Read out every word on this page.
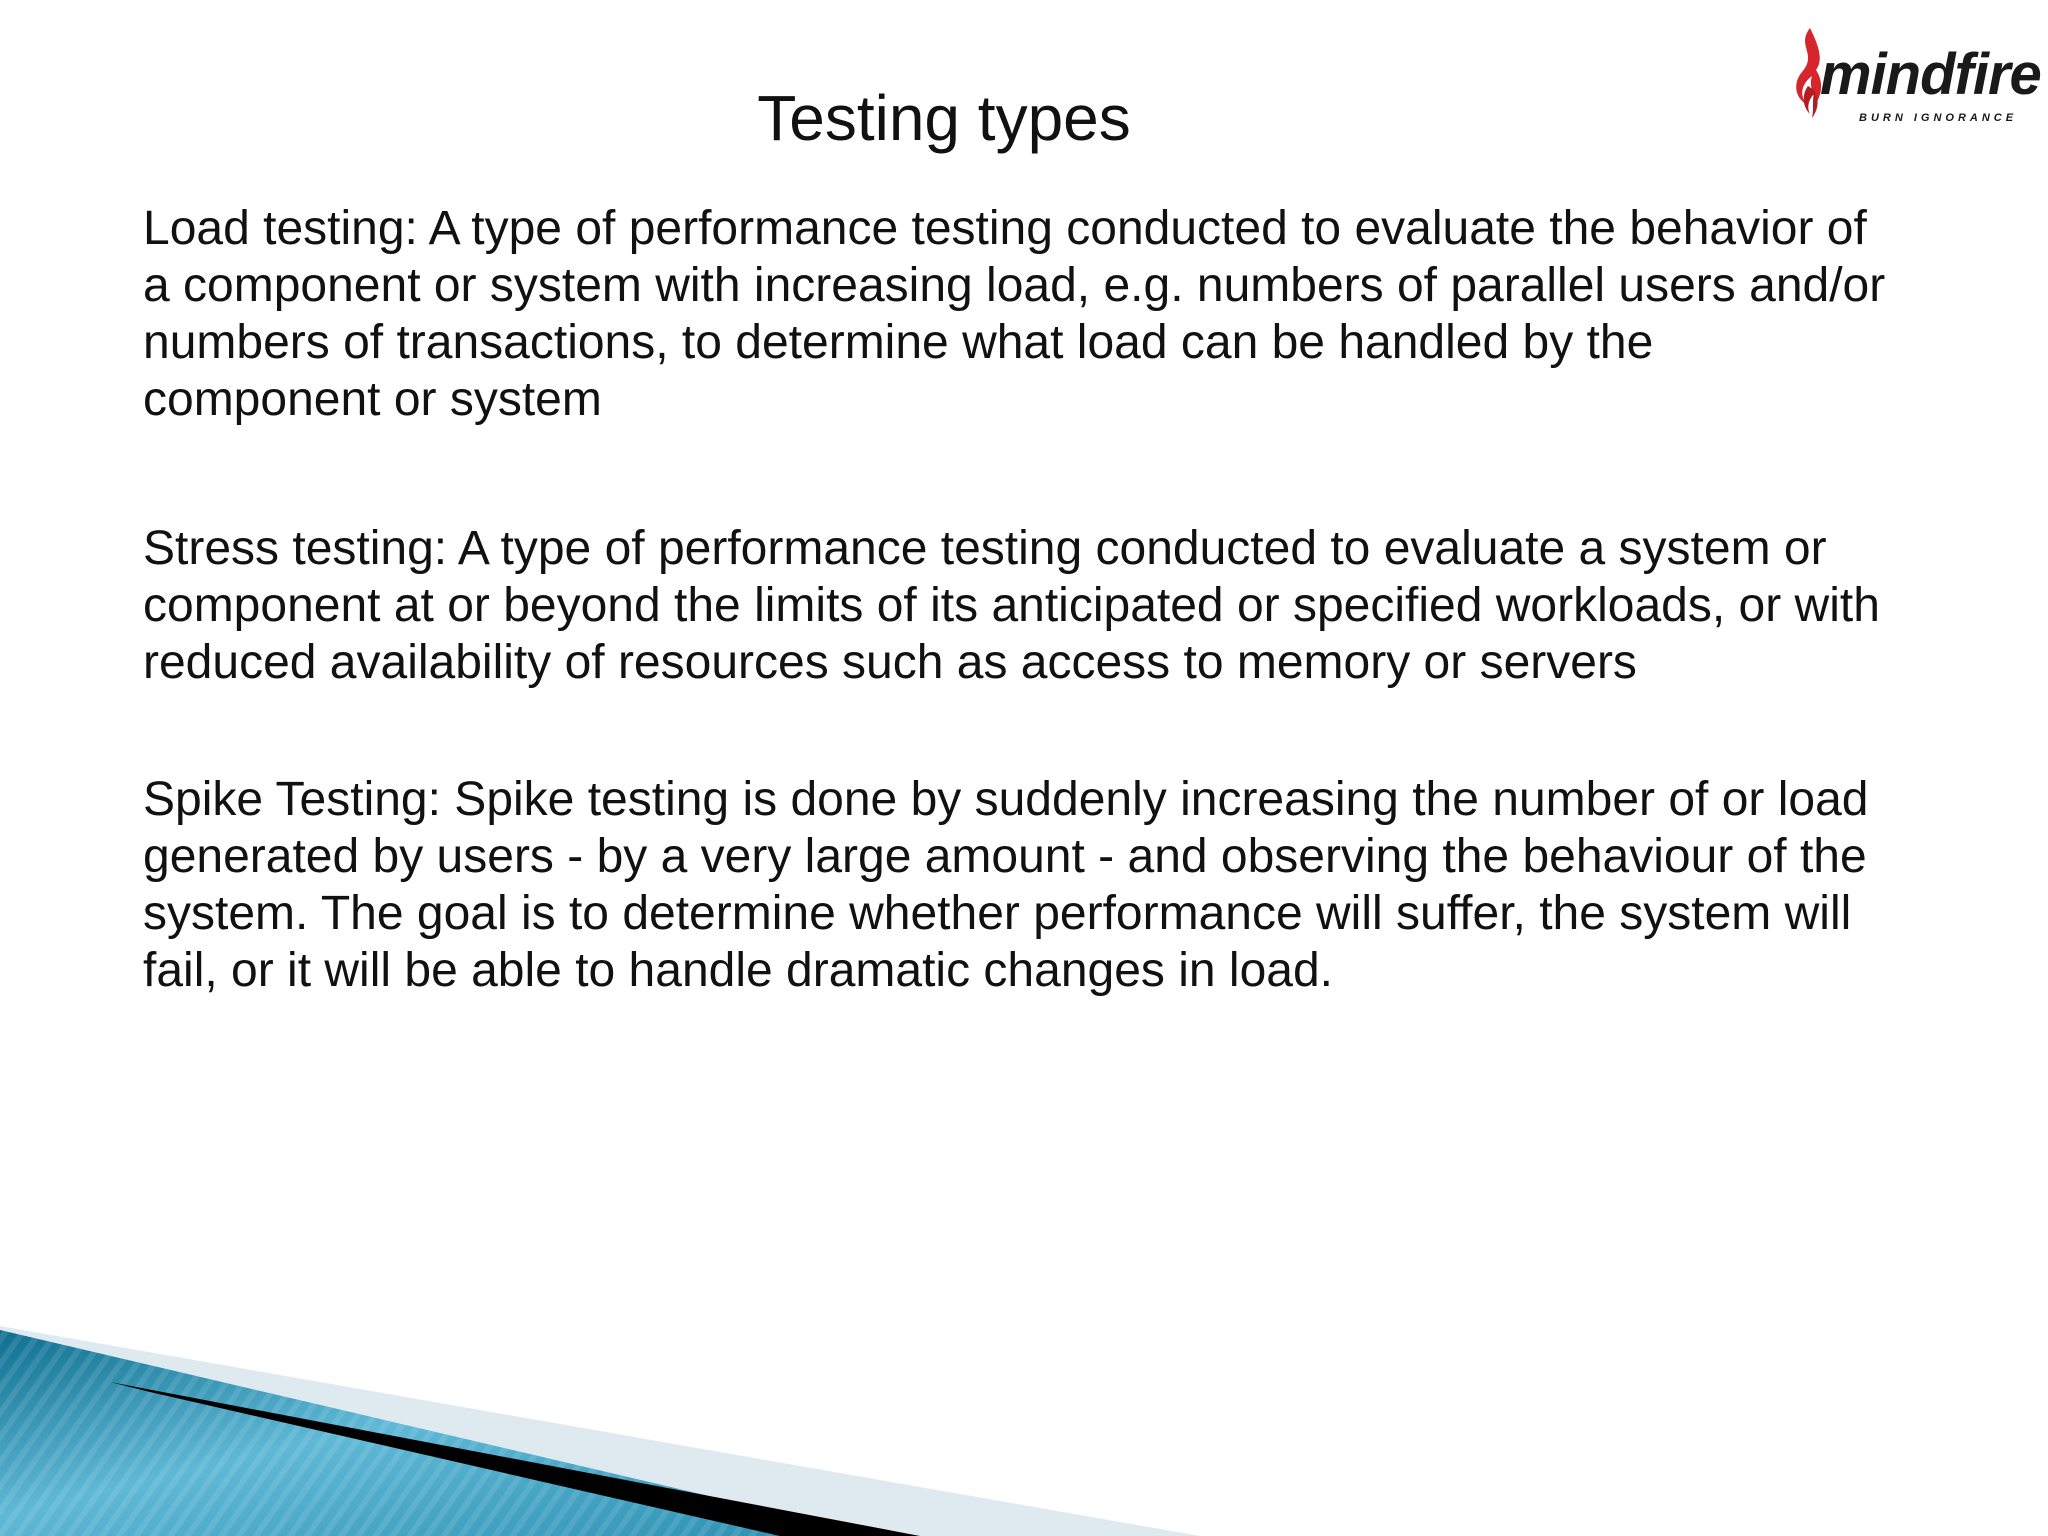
Testing types
mindfire
BURN IGNORANCE

Load testing: A type of performance testing conducted to evaluate the behavior of a component or system with increasing load, e.g. numbers of parallel users and/or numbers of transactions, to determine what load can be handled by the component or system

Stress testing: A type of performance testing conducted to evaluate a system or component at or beyond the limits of its anticipated or specified workloads, or with reduced availability of resources such as access to memory or servers

Spike Testing: Spike testing is done by suddenly increasing the number of or load generated by users - by a very large amount - and observing the behaviour of the system. The goal is to determine whether performance will suffer, the system will fail, or it will be able to handle dramatic changes in load.
